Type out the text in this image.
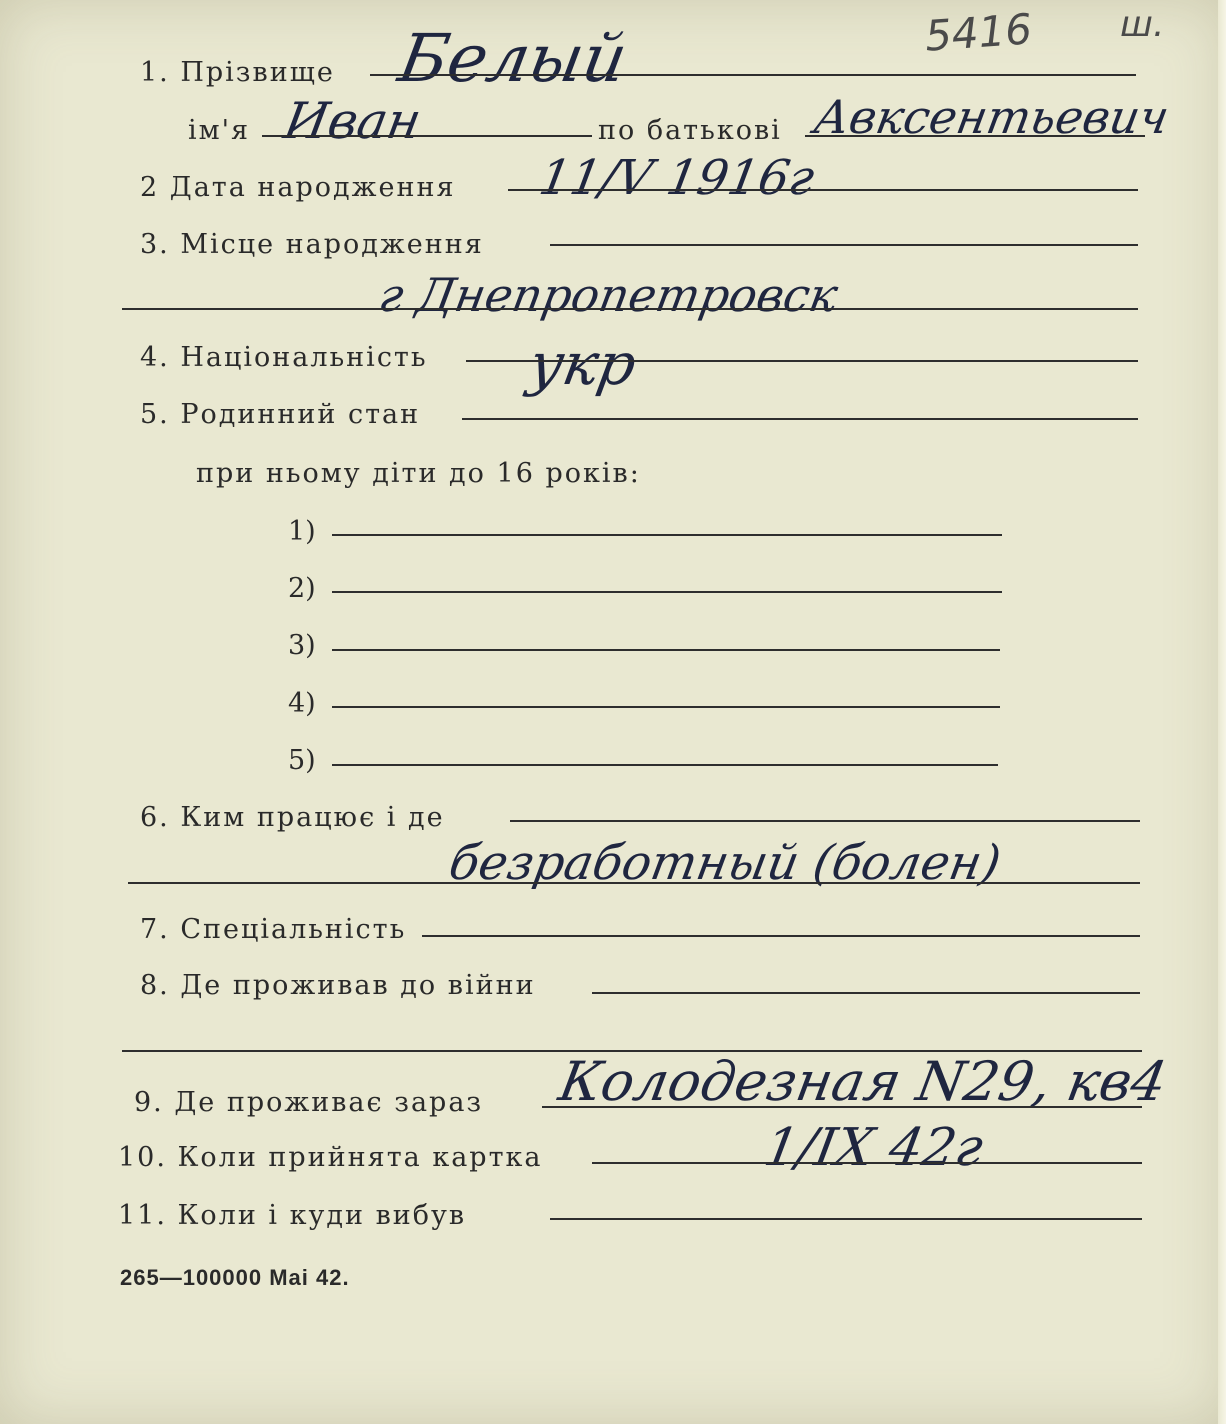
5416 ш.
1. Прізвище Белый
ім'я Иван	по батькові Авксентьевич
2 Дата народження 11/V 1916г
3. Місце народження
г Днепропетровск
4. Національність укр
5. Родинний стан
при ньому діти до 16 років:
1)
2)
3)
4)
5)
6. Ким працює і де
безработный (болен)
7. Спеціальність
8. Де проживав до війни
9. Де проживає зараз Колодезная N29, кв4
10. Коли прийнята картка	1/IX 42г
11. Коли і куди вибув
265—100000 Mai 42.
